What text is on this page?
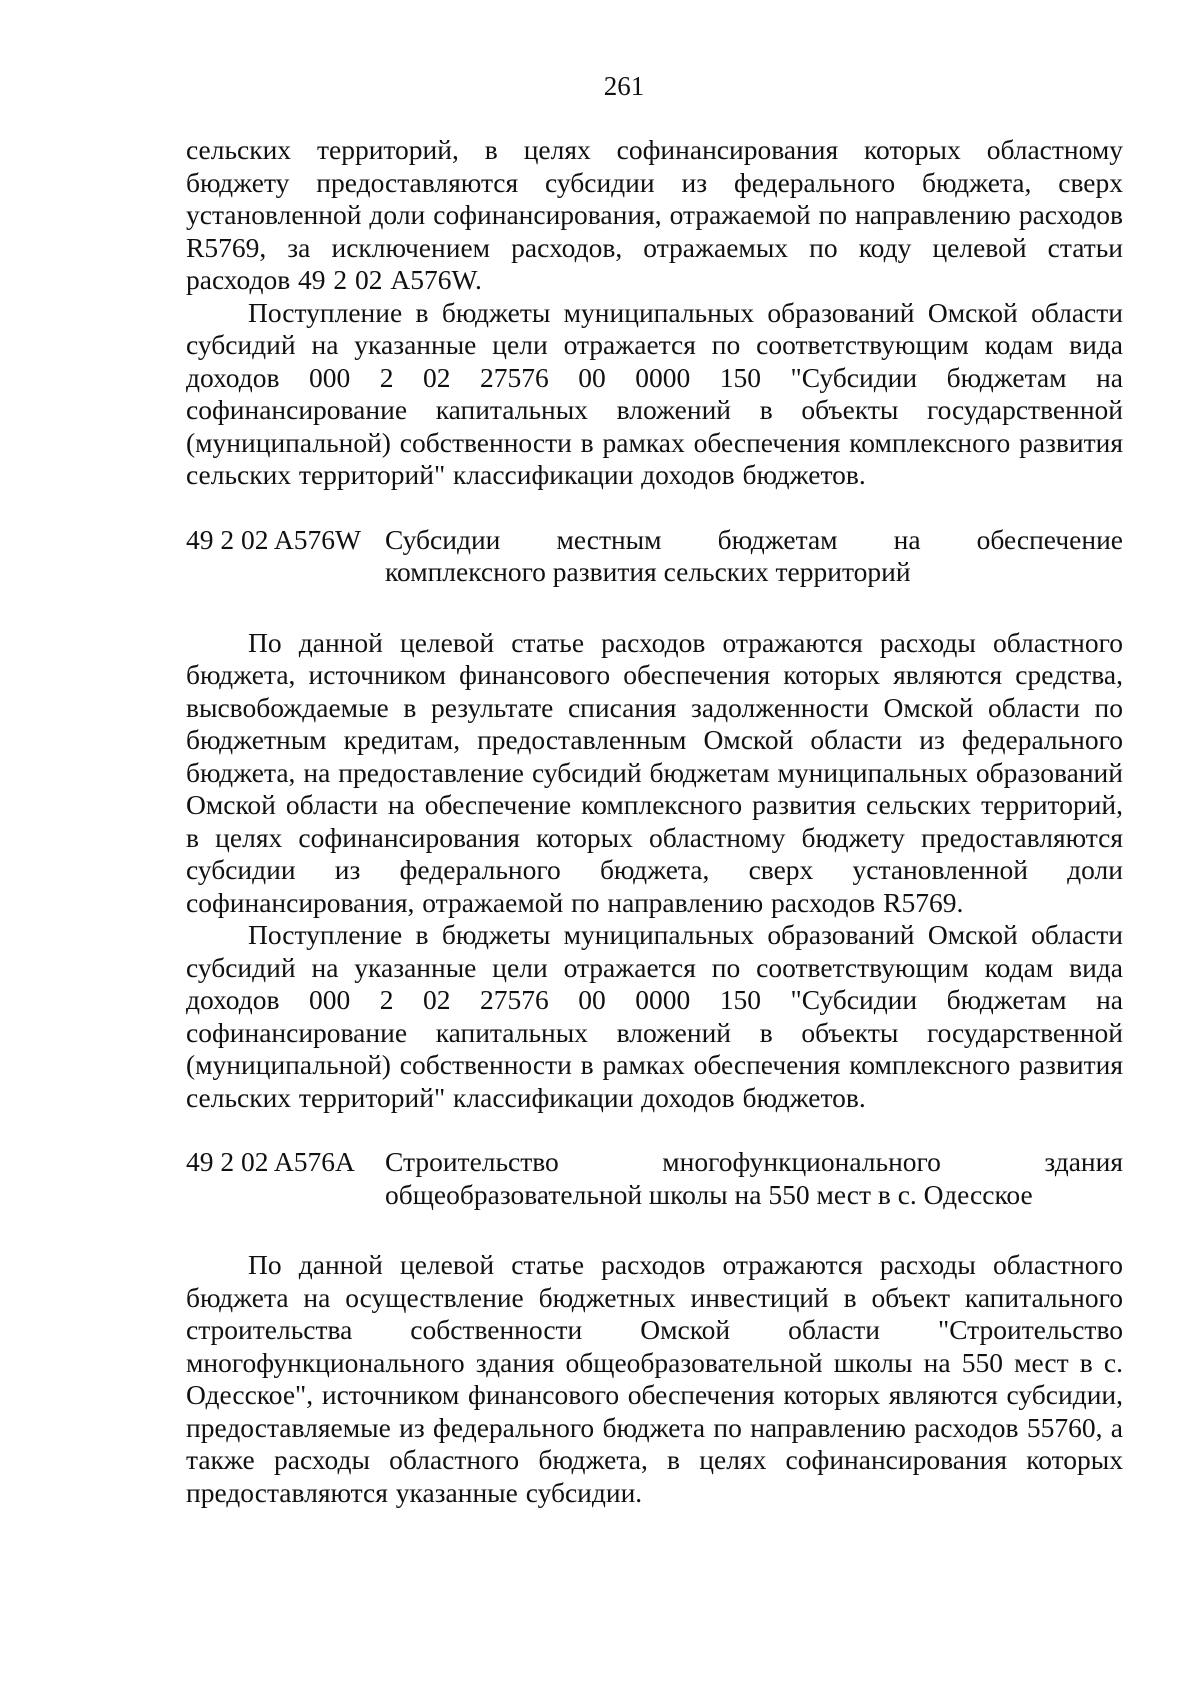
261

сельских территорий, в целях софинансирования которых областному бюджету предоставляются субсидии из федерального бюджета, сверх установленной доли софинансирования, отражаемой по направлению расходов R5769, за исключением расходов, отражаемых по коду целевой статьи расходов 49 2 02 A576W.

Поступление в бюджеты муниципальных образований Омской области субсидий на указанные цели отражается по соответствующим кодам вида доходов 000 2 02 27576 00 0000 150 "Субсидии бюджетам на софинансирование капитальных вложений в объекты государственной (муниципальной) собственности в рамках обеспечения комплексного развития сельских территорий" классификации доходов бюджетов.

49 2 02 A576W Субсидии местным бюджетам на обеспечение
комплексного развития сельских территорий

По данной целевой статье расходов отражаются расходы областного бюджета, источником финансового обеспечения которых являются средства, высвобождаемые в результате списания задолженности Омской области по бюджетным кредитам, предоставленным Омской области из федерального бюджета, на предоставление субсидий бюджетам муниципальных образований Омской области на обеспечение комплексного развития сельских территорий, в целях софинансирования которых областному бюджету предоставляются субсидии из федерального бюджета, сверх установленной доли софинансирования, отражаемой по направлению расходов R5769.

Поступление в бюджеты муниципальных образований Омской области субсидий на указанные цели отражается по соответствующим кодам вида доходов 000 2 02 27576 00 0000 150 "Субсидии бюджетам на софинансирование капитальных вложений в объекты государственной (муниципальной) собственности в рамках обеспечения комплексного развития сельских территорий" классификации доходов бюджетов.

49 2 02 A576A	Строительство многофункционального здания
общеобразовательной школы на 550 мест в с. Одесское

По данной целевой статье расходов отражаются расходы областного бюджета на осуществление бюджетных инвестиций в объект капитального строительства собственности Омской области "Строительство многофункционального здания общеобразовательной школы на 550 мест в с. Одесское", источником финансового обеспечения которых являются субсидии, предоставляемые из федерального бюджета по направлению расходов 55760, а также расходы областного бюджета, в целях софинансирования которых предоставляются указанные субсидии.
